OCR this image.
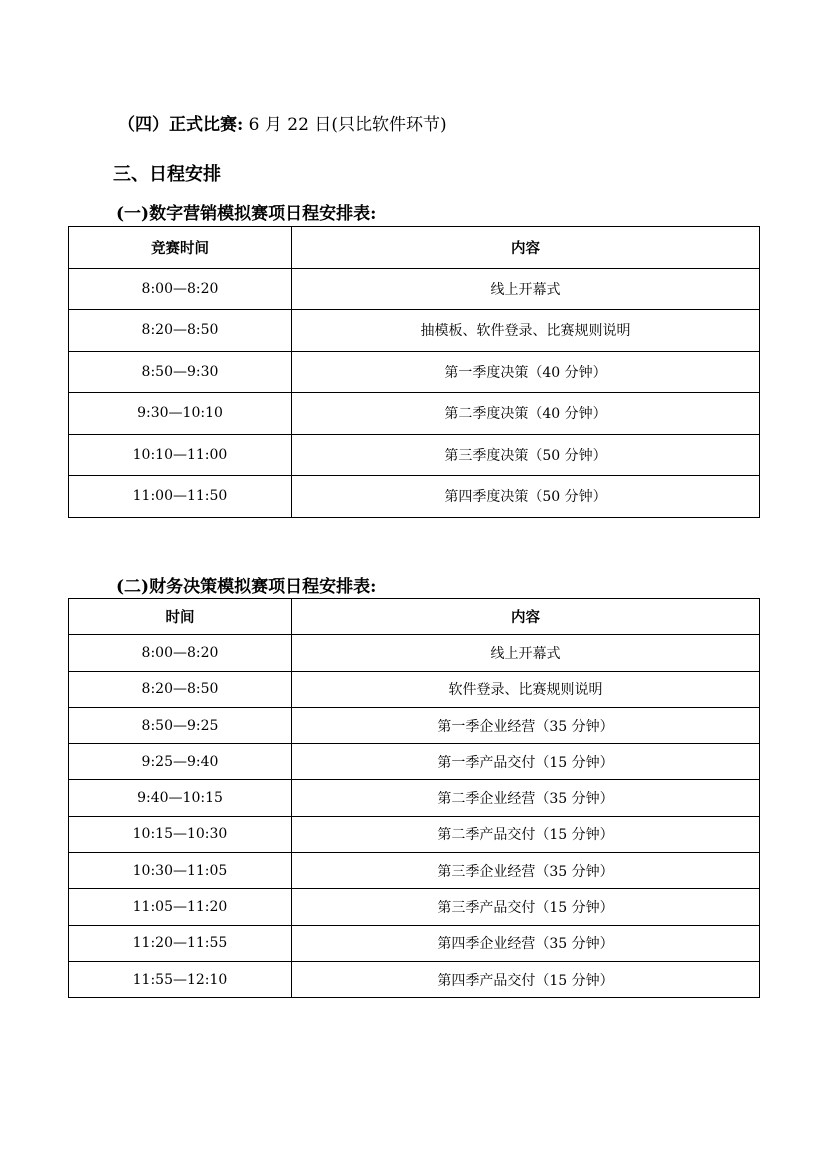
（四）正式比赛: 6 月 22 日(只比软件环节)
三、日程安排
(一)数字营销模拟赛项日程安排表:
竞赛时间	内容
8:00—8:20	线上开幕式
8:20—8:50	抽模板、软件登录、比赛规则说明
8:50—9:30	第一季度决策（40 分钟）
9:30—10:10	第二季度决策（40 分钟）
10:10—11:00	第三季度决策（50 分钟）
11:00—11:50	第四季度决策（50 分钟）
(二)财务决策模拟赛项日程安排表:
时间	内容
8:00—8:20	线上开幕式
8:20—8:50	软件登录、比赛规则说明
8:50—9:25	第一季企业经营（35 分钟）
9:25—9:40	第一季产品交付（15 分钟）
9:40—10:15	第二季企业经营（35 分钟）
10:15—10:30	第二季产品交付（15 分钟）
10:30—11:05	第三季企业经营（35 分钟）
11:05—11:20	第三季产品交付（15 分钟）
11:20—11:55	第四季企业经营（35 分钟）
11:55—12:10	第四季产品交付（15 分钟）
